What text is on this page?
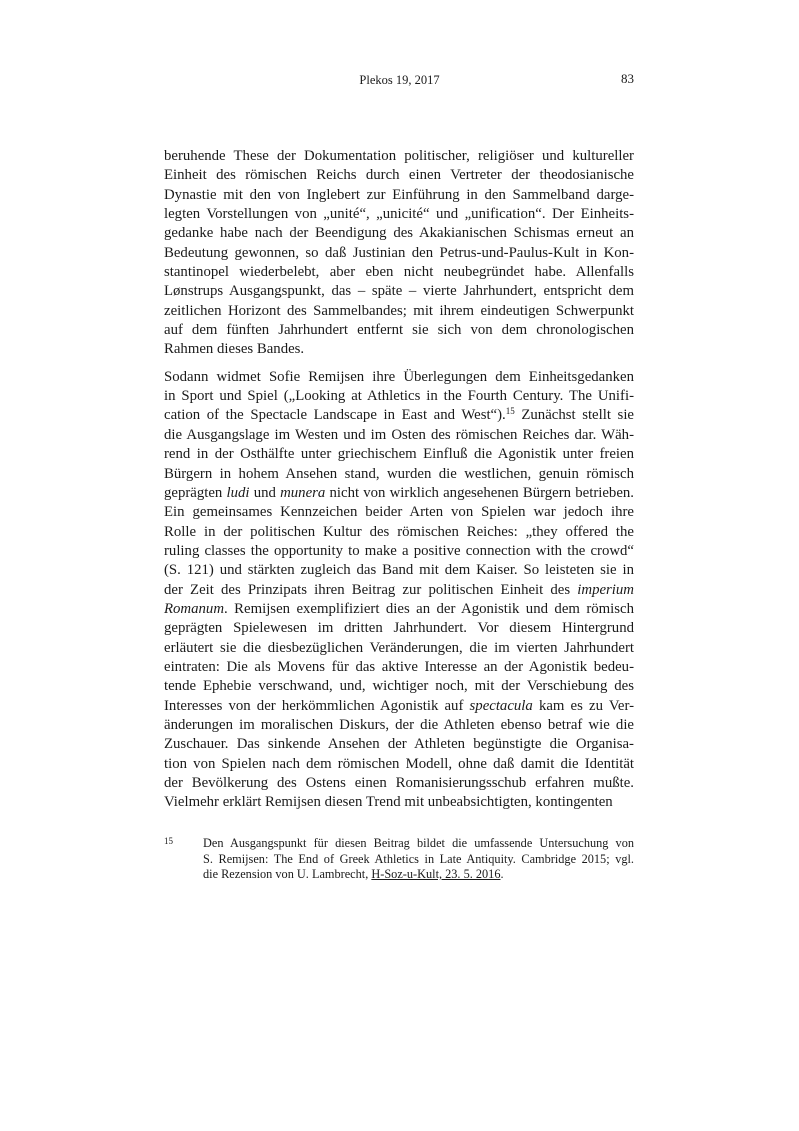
Plekos 19, 2017	83
beruhende These der Dokumentation politischer, religiöser und kultureller
Einheit des römischen Reichs durch einen Vertreter der theodosianische
Dynastie mit den von Inglebert zur Einführung in den Sammelband darge-
legten Vorstellungen von „unité“, „unicité“ und „unification“. Der Einheits-
gedanke habe nach der Beendigung des Akakianischen Schismas erneut an
Bedeutung gewonnen, so daß Justinian den Petrus-und-Paulus-Kult in Kon-
stantinopel wiederbelebt, aber eben nicht neubegründet habe. Allenfalls
Lønstrups Ausgangspunkt, das – späte – vierte Jahrhundert, entspricht dem
zeitlichen Horizont des Sammelbandes; mit ihrem eindeutigen Schwerpunkt
auf dem fünften Jahrhundert entfernt sie sich von dem chronologischen
Rahmen dieses Bandes.
Sodann widmet Sofie Remijsen ihre Überlegungen dem Einheitsgedanken
in Sport und Spiel („Looking at Athletics in the Fourth Century. The Unifi-
cation of the Spectacle Landscape in East and West“).$^{15}$ Zunächst stellt sie
die Ausgangslage im Westen und im Osten des römischen Reiches dar. Wäh-
rend in der Osthälfte unter griechischem Einfluß die Agonistik unter freien
Bürgern in hohem Ansehen stand, wurden die westlichen, genuin römisch
geprägten ludi und munera nicht von wirklich angesehenen Bürgern betrieben.
Ein gemeinsames Kennzeichen beider Arten von Spielen war jedoch ihre
Rolle in der politischen Kultur des römischen Reiches: „they offered the
ruling classes the opportunity to make a positive connection with the crowd“
(S. 121) und stärkten zugleich das Band mit dem Kaiser. So leisteten sie in
der Zeit des Prinzipats ihren Beitrag zur politischen Einheit des imperium
Romanum. Remijsen exemplifiziert dies an der Agonistik und dem römisch
geprägten Spielewesen im dritten Jahrhundert. Vor diesem Hintergrund
erläutert sie die diesbezüglichen Veränderungen, die im vierten Jahrhundert
eintraten: Die als Movens für das aktive Interesse an der Agonistik bedeu-
tende Ephebie verschwand, und, wichtiger noch, mit der Verschiebung des
Interesses von der herkömmlichen Agonistik auf spectacula kam es zu Ver-
änderungen im moralischen Diskurs, der die Athleten ebenso betraf wie die
Zuschauer. Das sinkende Ansehen der Athleten begünstigte die Organisa-
tion von Spielen nach dem römischen Modell, ohne daß damit die Identität
der Bevölkerung des Ostens einen Romanisierungsschub erfahren mußte.
Vielmehr erklärt Remijsen diesen Trend mit unbeabsichtigten, kontingenten
15 Den Ausgangspunkt für diesen Beitrag bildet die umfassende Untersuchung von
S. Remijsen: The End of Greek Athletics in Late Antiquity. Cambridge 2015; vgl.
die Rezension von U. Lambrecht, H-Soz-u-Kult, 23. 5. 2016.
